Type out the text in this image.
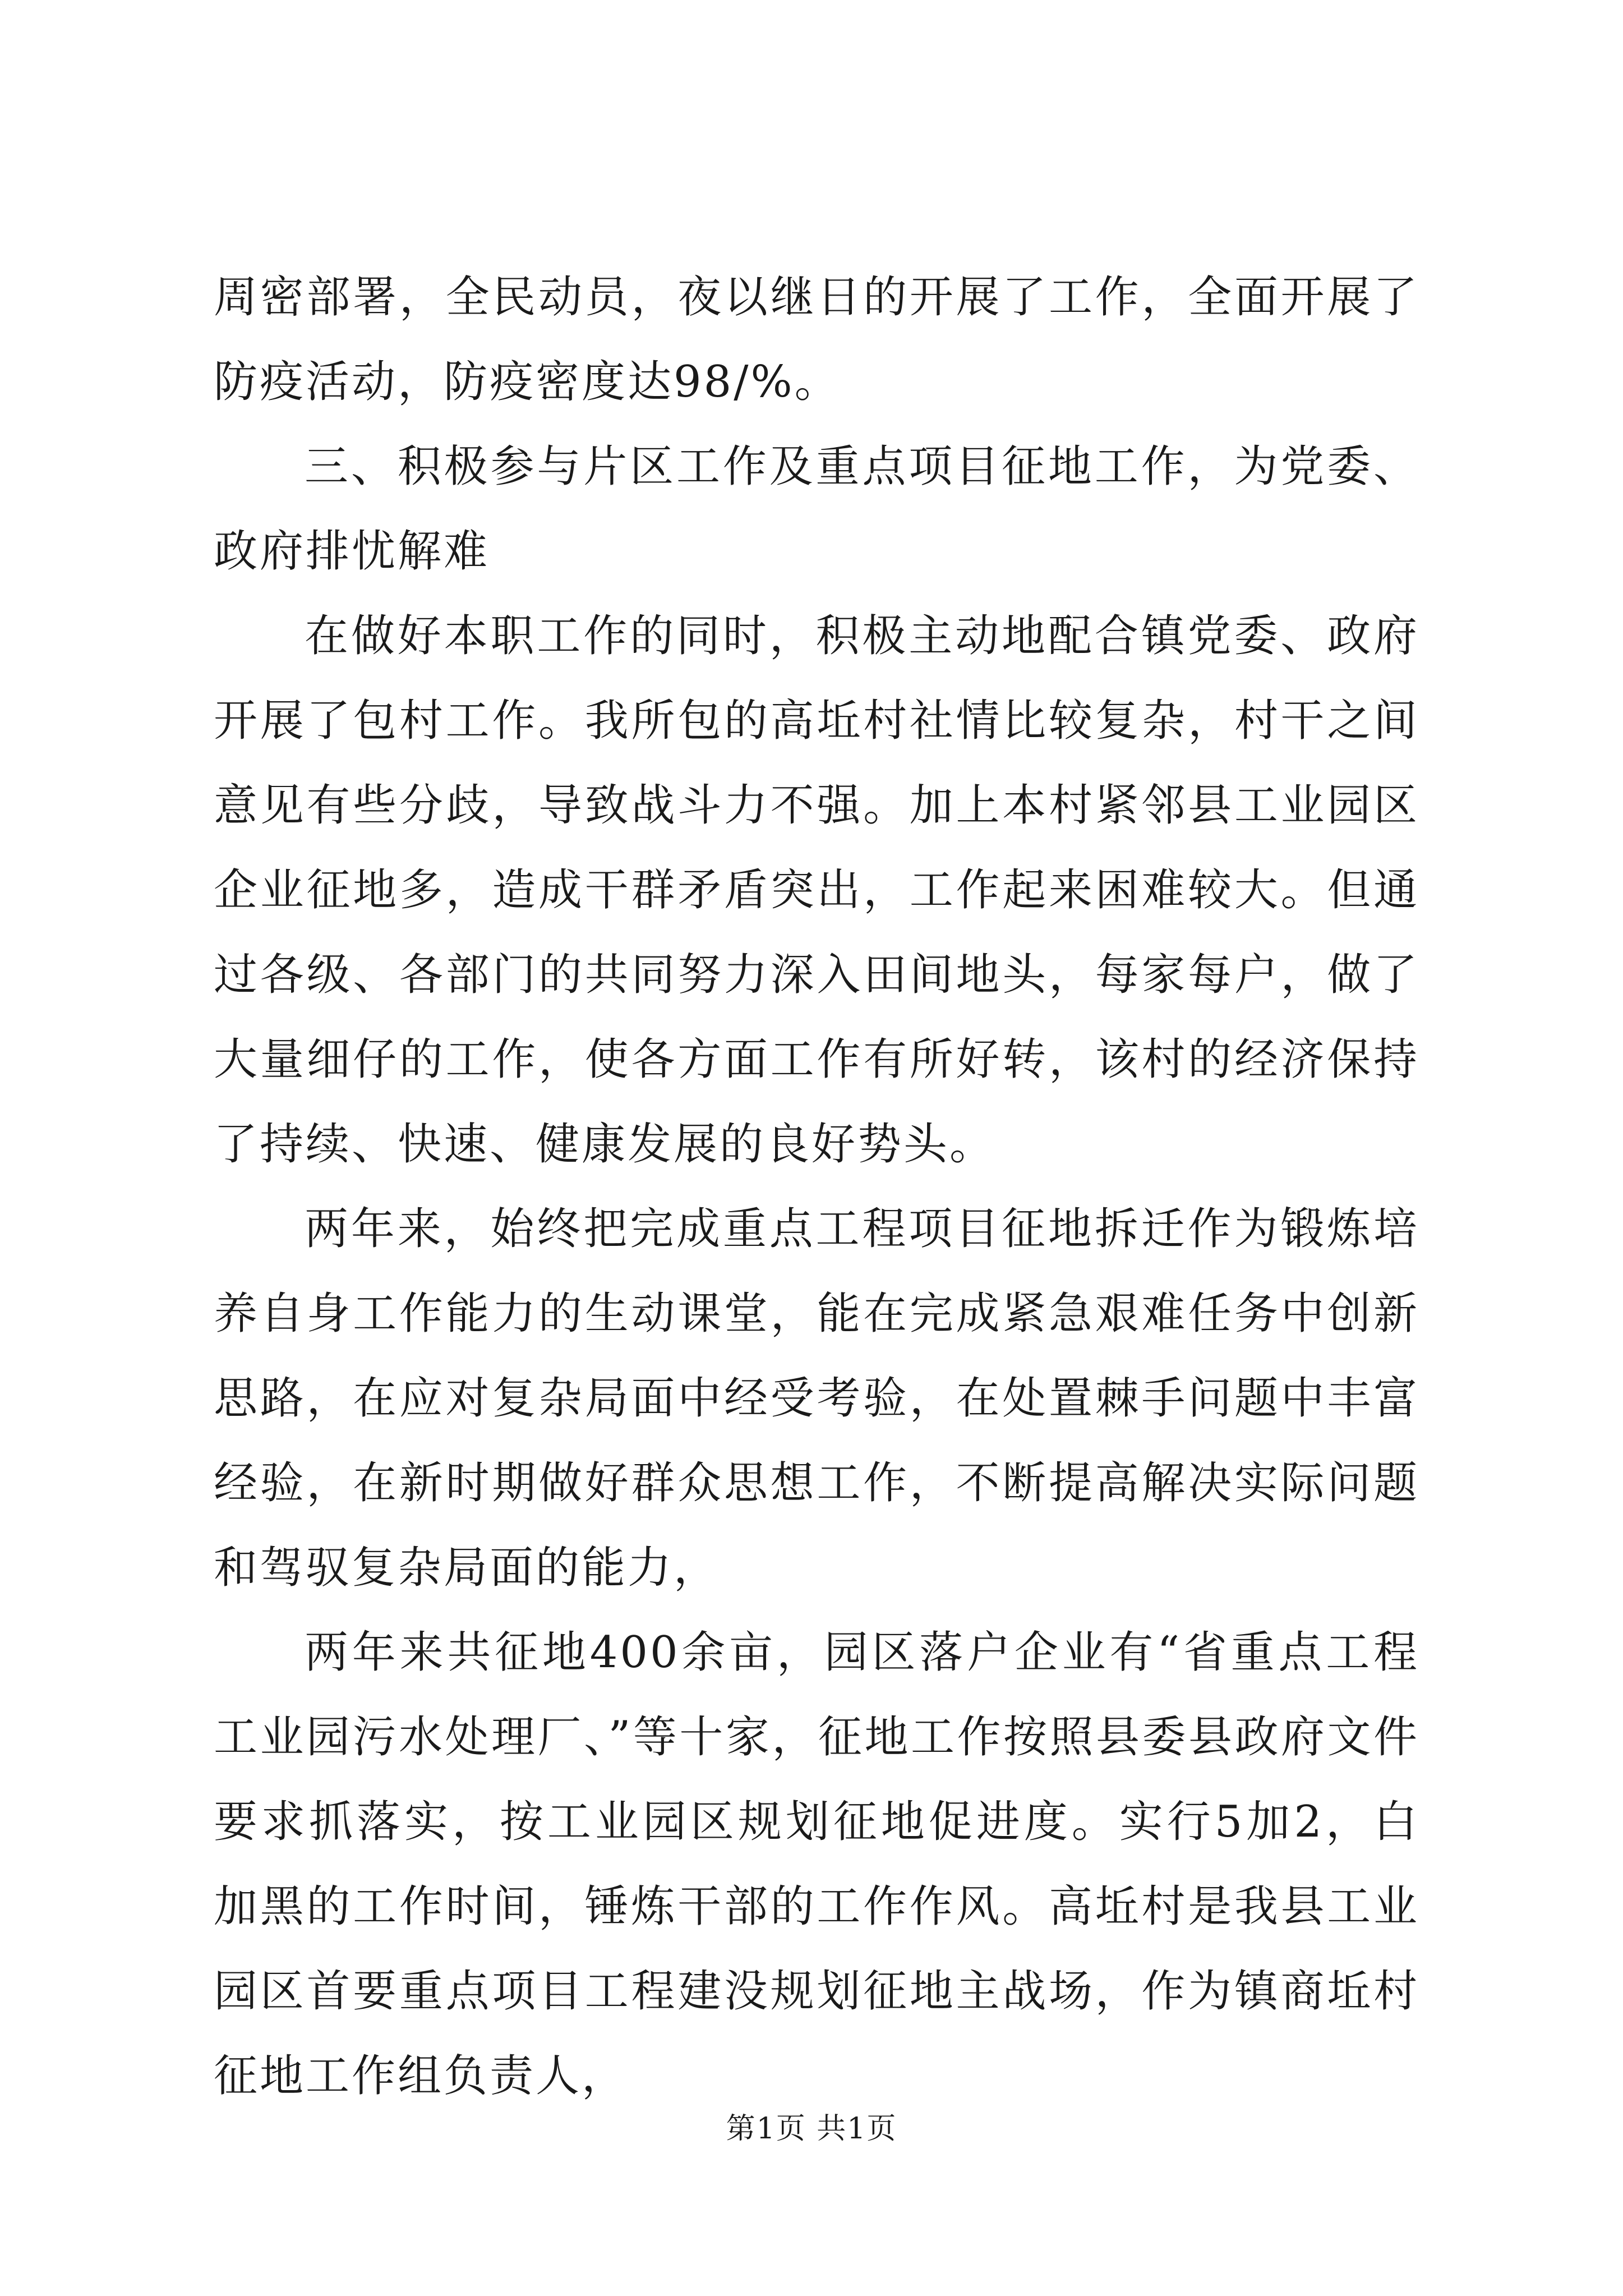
周密部署，全民动员，夜以继日的开展了工作，全面开展了防疫活动，防疫密度达98/%。

三、积极参与片区工作及重点项目征地工作，为党委、政府排忧解难

在做好本职工作的同时，积极主动地配合镇党委、政府开展了包村工作。我所包的高坵村社情比较复杂，村干之间意见有些分歧，导致战斗力不强。加上本村紧邻县工业园区企业征地多，造成干群矛盾突出，工作起来困难较大。但通过各级、各部门的共同努力深入田间地头，每家每户，做了大量细仔的工作，使各方面工作有所好转，该村的经济保持了持续、快速、健康发展的良好势头。

两年来，始终把完成重点工程项目征地拆迁作为锻炼培养自身工作能力的生动课堂，能在完成紧急艰难任务中创新思路，在应对复杂局面中经受考验，在处置棘手问题中丰富经验，在新时期做好群众思想工作，不断提高解决实际问题和驾驭复杂局面的能力，

两年来共征地400余亩，园区落户企业有“省重点工程工业园污水处理厂、”等十家，征地工作按照县委县政府文件要求抓落实，按工业园区规划征地促进度。实行5加2，白加黑的工作时间，锤炼干部的工作作风。高坵村是我县工业园区首要重点项目工程建没规划征地主战场，作为镇商坵村征地工作组负责人，

第1页 共1页
